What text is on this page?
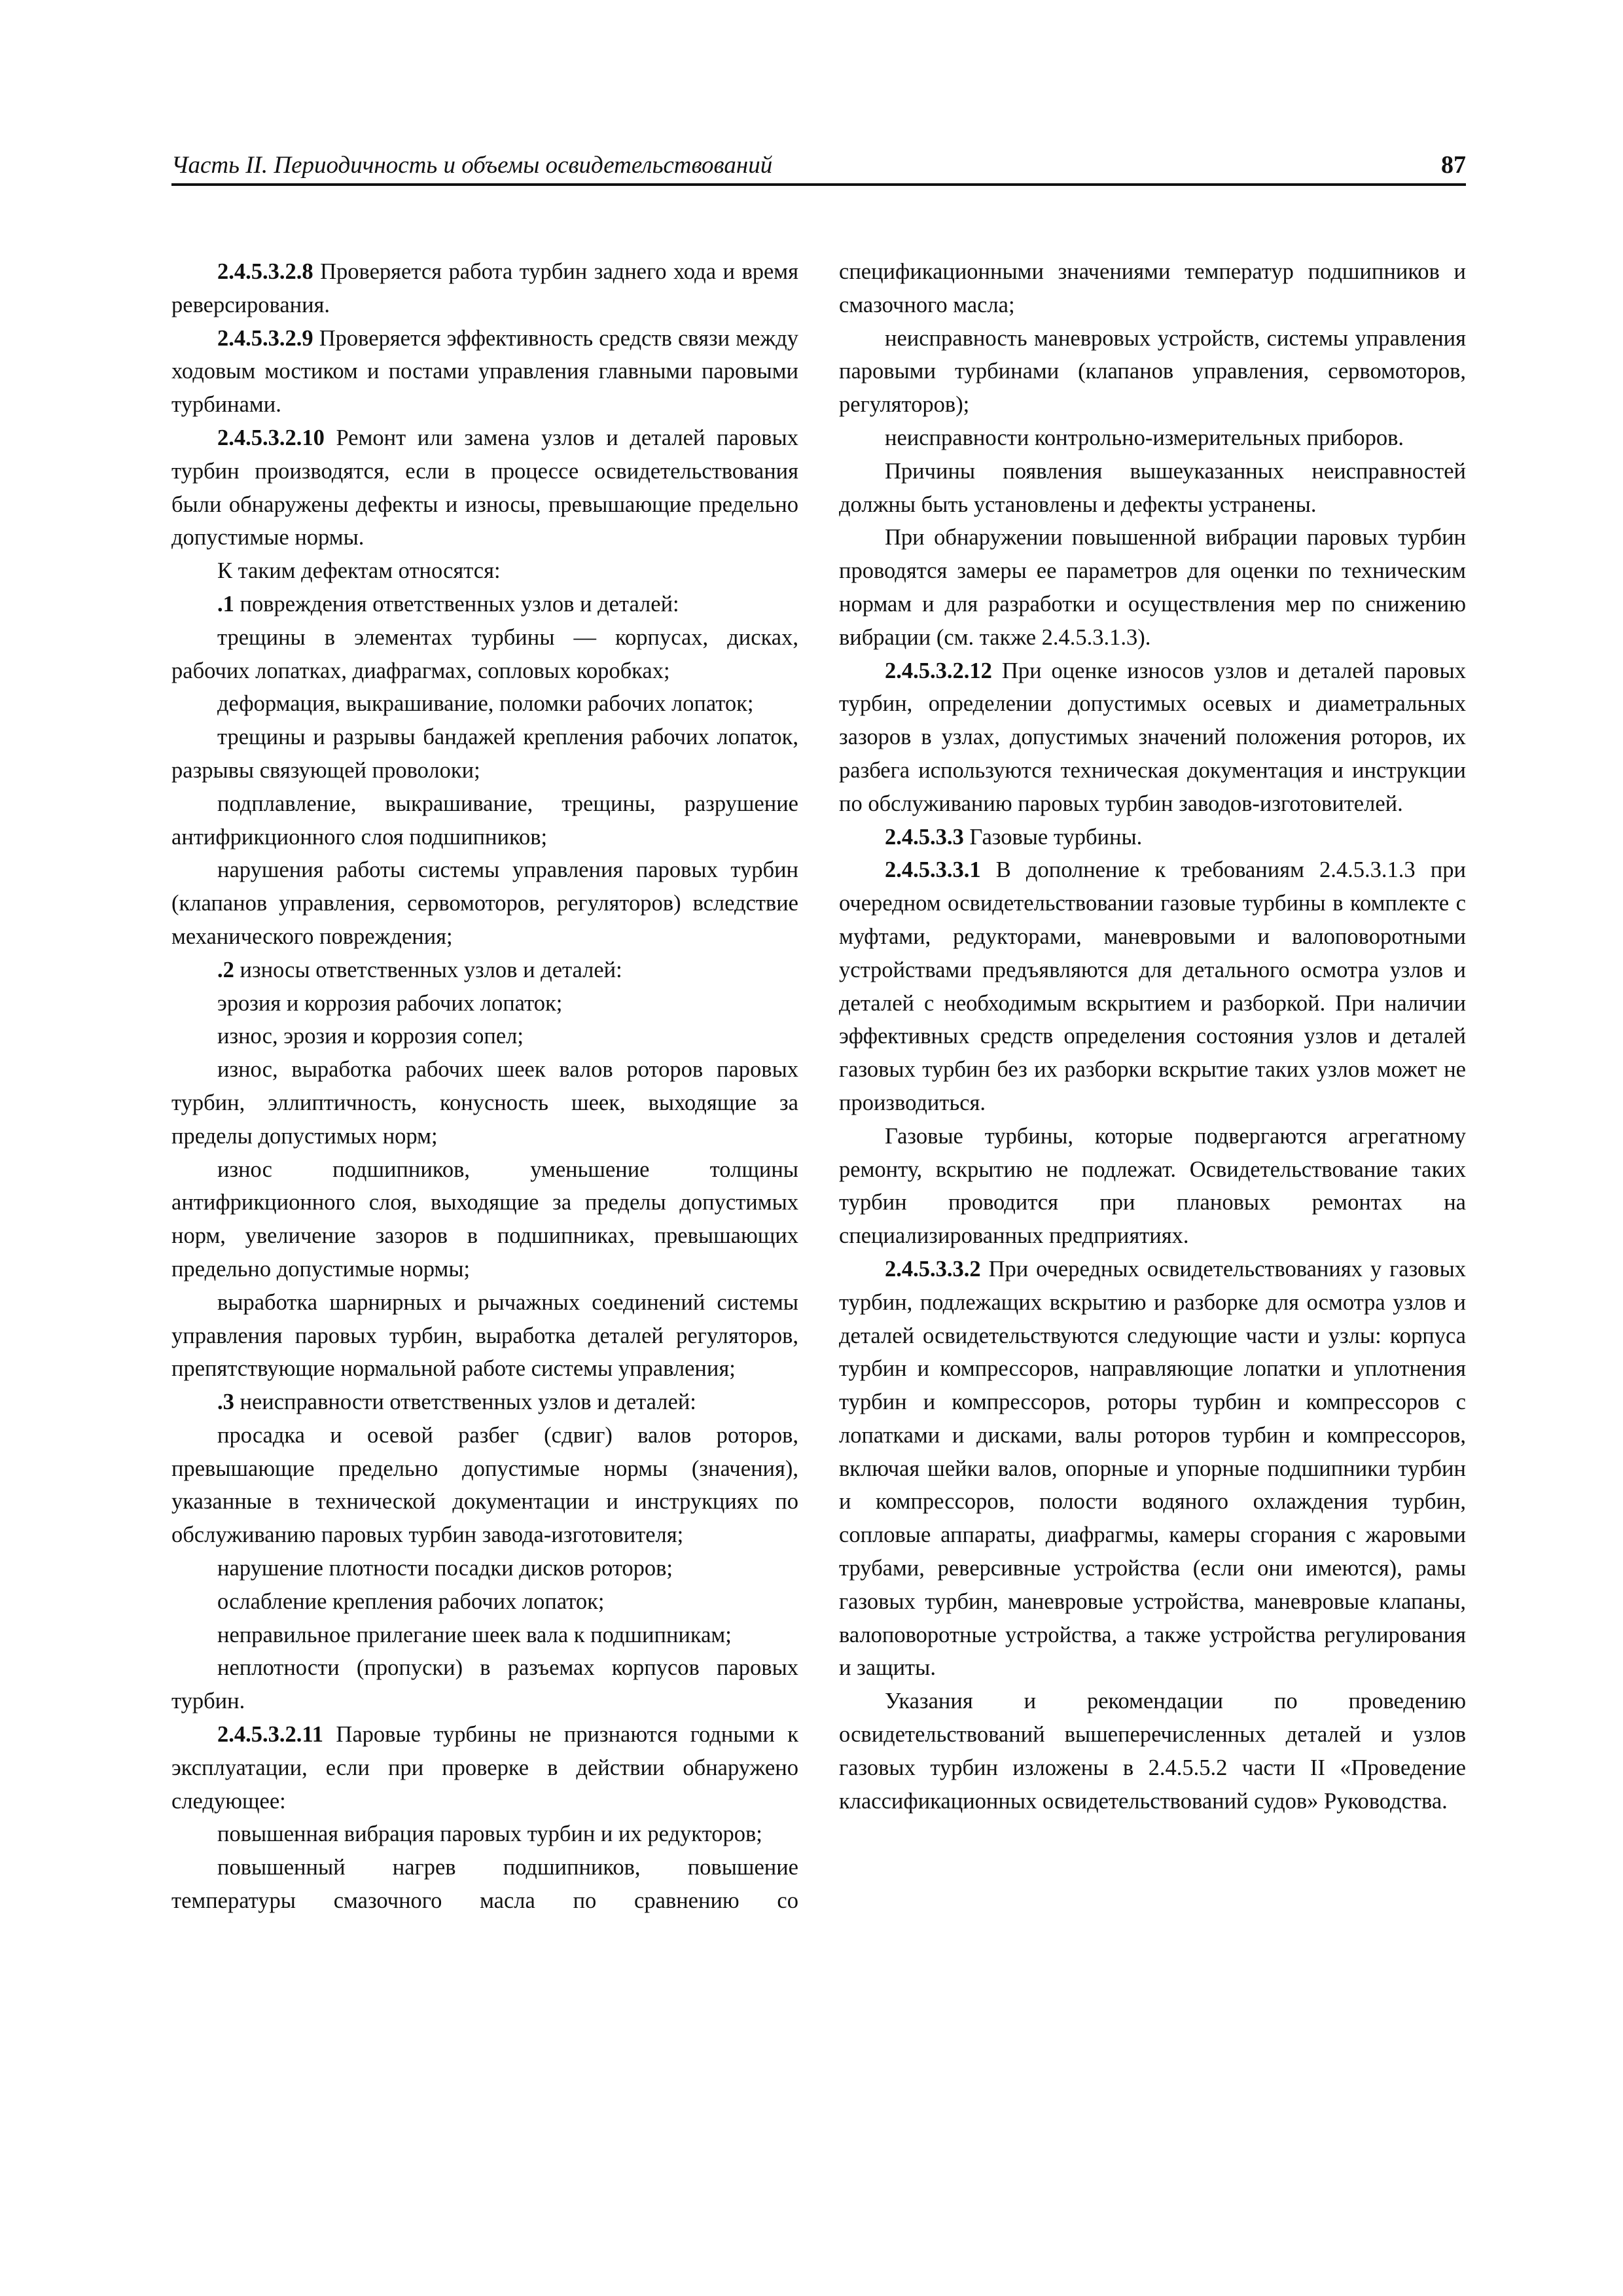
Часть II. Периодичность и объемы освидетельствований	87

2.4.5.3.2.8 Проверяется работа турбин заднего хода и время реверсирования.

2.4.5.3.2.9 Проверяется эффективность средств связи между ходовым мостиком и постами управления главными паровыми турбинами.

2.4.5.3.2.10 Ремонт или замена узлов и деталей паровых турбин производятся, если в процессе освидетельствования были обнаружены дефекты и износы, превышающие предельно допустимые нормы.

К таким дефектам относятся:

.1 повреждения ответственных узлов и деталей:

трещины в элементах турбины — корпусах, дисках, рабочих лопатках, диафрагмах, сопловых коробках;

деформация, выкрашивание, поломки рабочих лопаток;

трещины и разрывы бандажей крепления рабочих лопаток, разрывы связующей проволоки;

подплавление, выкрашивание, трещины, разрушение антифрикционного слоя подшипников;

нарушения работы системы управления паровых турбин (клапанов управления, сервомоторов, регуляторов) вследствие механического повреждения;

.2 износы ответственных узлов и деталей:

эрозия и коррозия рабочих лопаток;

износ, эрозия и коррозия сопел;

износ, выработка рабочих шеек валов роторов паровых турбин, эллиптичность, конусность шеек, выходящие за пределы допустимых норм;

износ подшипников, уменьшение толщины антифрикционного слоя, выходящие за пределы допустимых норм, увеличение зазоров в подшипниках, превышающих предельно допустимые нормы;

выработка шарнирных и рычажных соединений системы управления паровых турбин, выработка деталей регуляторов, препятствующие нормальной работе системы управления;

.3 неисправности ответственных узлов и деталей:

просадка и осевой разбег (сдвиг) валов роторов, превышающие предельно допустимые нормы (значения), указанные в технической документации и инструкциях по обслуживанию паровых турбин завода-изготовителя;

нарушение плотности посадки дисков роторов;

ослабление крепления рабочих лопаток;

неправильное прилегание шеек вала к подшипникам;

неплотности (пропуски) в разъемах корпусов паровых турбин.

2.4.5.3.2.11 Паровые турбины не признаются годными к эксплуатации, если при проверке в действии обнаружено следующее:

повышенная вибрация паровых турбин и их редукторов;

повышенный нагрев подшипников, повышение температуры смазочного масла по сравнению со

спецификационными значениями температур подшипников и смазочного масла;

неисправность маневровых устройств, системы управления паровыми турбинами (клапанов управления, сервомоторов, регуляторов);

неисправности контрольно-измерительных приборов.

Причины появления вышеуказанных неисправностей должны быть установлены и дефекты устранены.

При обнаружении повышенной вибрации паровых турбин проводятся замеры ее параметров для оценки по техническим нормам и для разработки и осуществления мер по снижению вибрации (см. также 2.4.5.3.1.3).

2.4.5.3.2.12 При оценке износов узлов и деталей паровых турбин, определении допустимых осевых и диаметральных зазоров в узлах, допустимых значений положения роторов, их разбега используются техническая документация и инструкции по обслуживанию паровых турбин заводов-изготовителей.

2.4.5.3.3 Газовые турбины.

2.4.5.3.3.1 В дополнение к требованиям 2.4.5.3.1.3 при очередном освидетельствовании газовые турбины в комплекте с муфтами, редукторами, маневровыми и валоповоротными устройствами предъявляются для детального осмотра узлов и деталей с необходимым вскрытием и разборкой. При наличии эффективных средств определения состояния узлов и деталей газовых турбин без их разборки вскрытие таких узлов может не производиться.

Газовые турбины, которые подвергаются агрегатному ремонту, вскрытию не подлежат. Освидетельствование таких турбин проводится при плановых ремонтах на специализированных предприятиях.

2.4.5.3.3.2 При очередных освидетельствованиях у газовых турбин, подлежащих вскрытию и разборке для осмотра узлов и деталей освидетельствуются следующие части и узлы: корпуса турбин и компрессоров, направляющие лопатки и уплотнения турбин и компрессоров, роторы турбин и компрессоров с лопатками и дисками, валы роторов турбин и компрессоров, включая шейки валов, опорные и упорные подшипники турбин и компрессоров, полости водяного охлаждения турбин, сопловые аппараты, диафрагмы, камеры сгорания с жаровыми трубами, реверсивные устройства (если они имеются), рамы газовых турбин, маневровые устройства, маневровые клапаны, валоповоротные устройства, а также устройства регулирования и защиты.

Указания и рекомендации по проведению освидетельствований вышеперечисленных деталей и узлов газовых турбин изложены в 2.4.5.5.2 части II «Проведение классификационных освидетельствований судов» Руководства.
